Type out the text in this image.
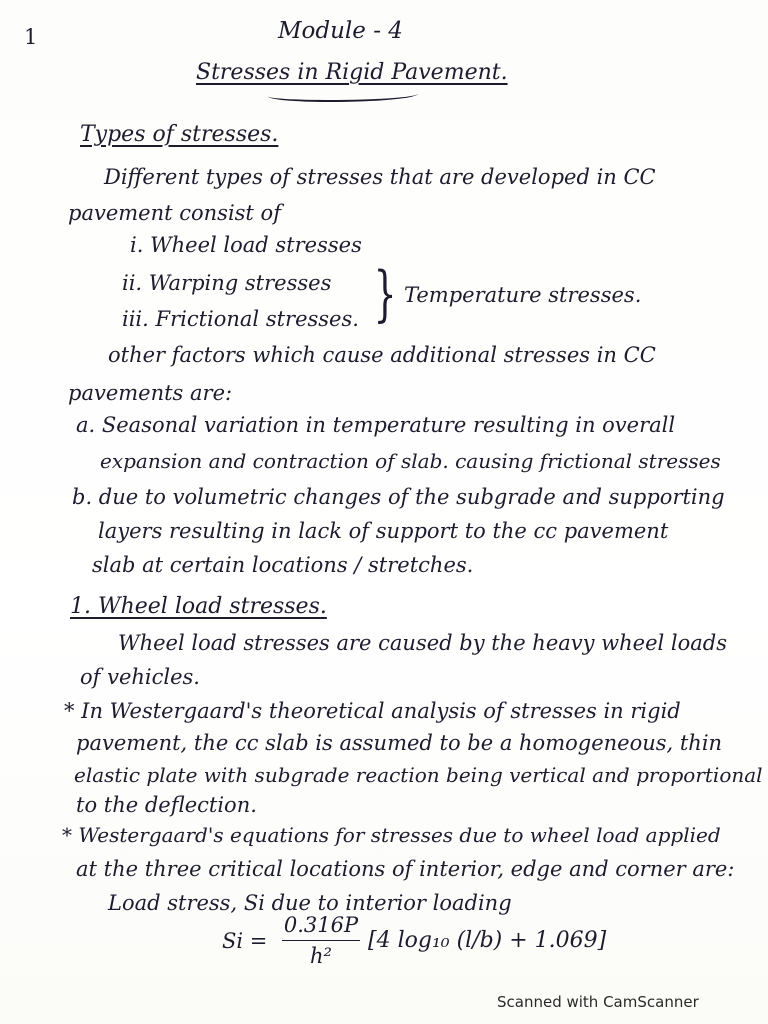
1	Module - 4
Stresses in Rigid Pavement.
Types of stresses.
Different types of stresses that are developed in CC
pavement consist of
i. Wheel load stresses
ii. Warping stresses
iii. Frictional stresses. } Temperature stresses.
other factors which cause additional stresses in CC
pavements are:
a. Seasonal variation in temperature resulting in overall
expansion and contraction of slab. causing frictional stresses
b. due to volumetric changes of the subgrade and supporting
layers resulting in lack of support to the cc pavement
slab at certain locations / stretches.
1. Wheel load stresses.
Wheel load stresses are caused by the heavy wheel loads
of vehicles.
* In Westergaard's theoretical analysis of stresses in rigid
pavement, the cc slab is assumed to be a homogeneous, thin
elastic plate with subgrade reaction being vertical and proportional
to the deflection.
* Westergaard's equations for stresses due to wheel load applied
at the three critical locations of interior, edge and corner are:
Load stress, Si due to interior loading
$Si = \frac{0.316P}{\text{h²}} [4$ log₁₀ (l/b) + 1.069]
Scanned with CamScanner
